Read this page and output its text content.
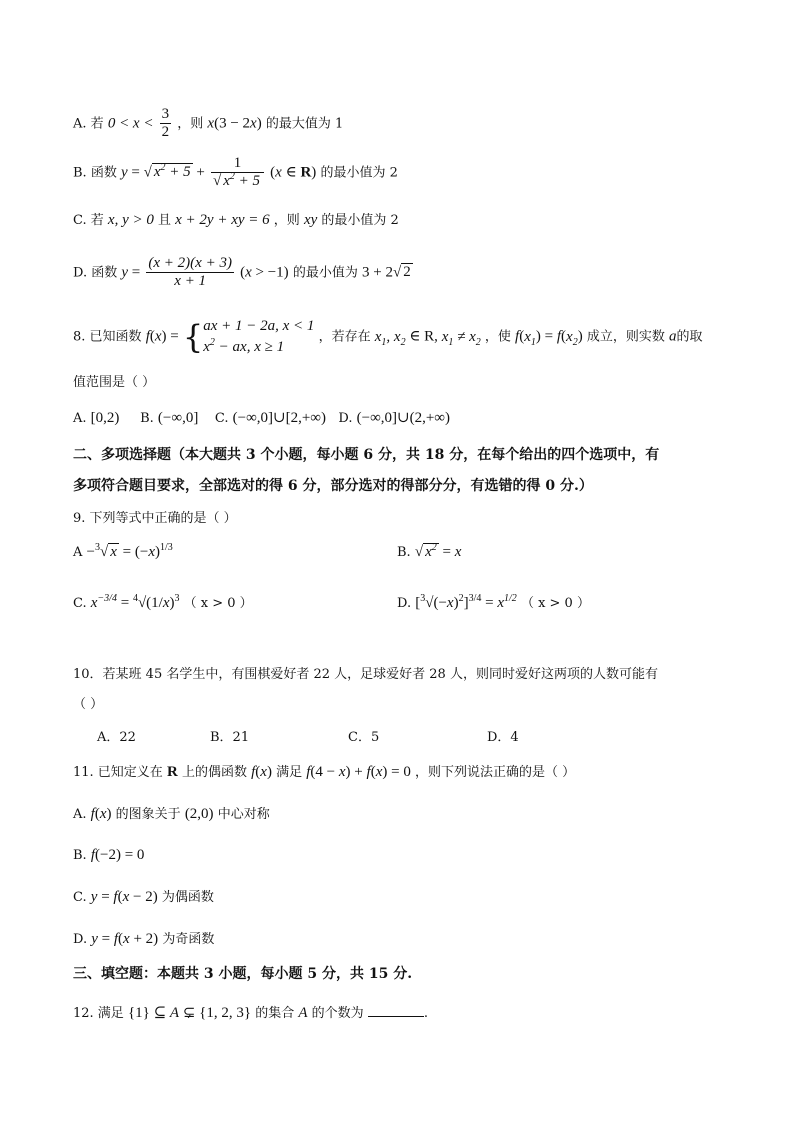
A. 若 $0 < x < \frac{3}{2}$ ，则 x(3 − 2x) 的最大值为 1
B. 函数 y = √ $x^2 + 5 + \frac{1}{√ x^2 + 5} (x$ ∈ R) 的最小值为 2
C. 若 x, y > 0 且 x + 2y + xy = 6 ，则 xy 的最小值为 2
D. 函数 $y = \frac{(x + 2)(x + 3)}{x + 1} (x > -1)$ 的最小值为 3 + 2√ 2
8. 已知函数 f(x) = {ax + 1 − 2a, x < 1
$x^2$ − ax, x ≥ 1 ，若存在 $x_1$, $x_2$ ∈ R, $x_1 \ne x_2$ ，使 $f(x_1) = f(x_2)$ 成立，则实数 a的取
值范围是（ ）
A. [0,2) B. (−∞,0] C. (−∞,0]∪[2,+∞) D. (−∞,0]∪(2,+∞)
二、多项选择题（本大题共 3 个小题，每小题 6 分，共 18 分，在每个给出的四个选项中，有
多项符合题目要求，全部选对的得 6 分，部分选对的得部分分，有选错的得 0 分.）
9. 下列等式中正确的是（ ）
A −$^3$√ $x = (-x)^{1/3}$	B. √ $x^2 = x$
C. $x^{-3/4} = ^4√(1/x)^3$ （ x > 0 ）	D. $[^3√(-x)^2]^{3/4} = x^{1/2}$ （ x > 0 ）
10．若某班 45 名学生中，有围棋爱好者 22 人，足球爱好者 28 人，则同时爱好这两项的人数可能有
（ ）
A．22	B．21	C．5	D．4
11. 已知定义在 R 上的偶函数 f(x) 满足 f(4 − x) + f(x) = 0 ，则下列说法正确的是（ ）
A. f(x) 的图象关于 (2,0) 中心对称
B. f(−2) = 0
C. y = f(x − 2) 为偶函数
D. y = f(x + 2) 为奇函数
三、填空题：本题共 3 小题，每小题 5 分，共 15 分.
12. 满足 {1} ⊆ A ⊊ {1, 2, 3} 的集合 A 的个数为	.
